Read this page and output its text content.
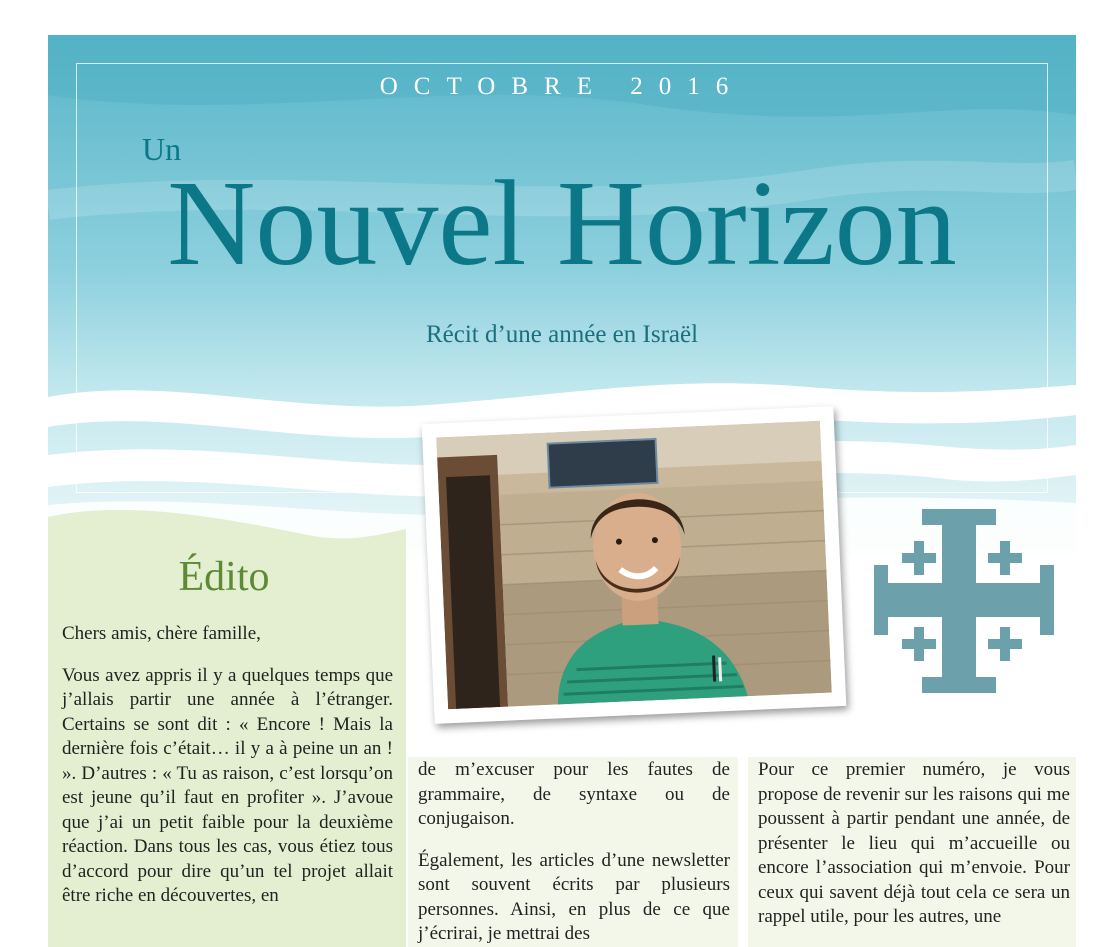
OCTOBRE 2016
Un
Nouvel Horizon
Récit d’une année en Israël
Édito

Chers amis, chère famille,

Vous avez appris il y a quelques temps que j’allais partir une année à l’étranger. Certains se sont dit : « Encore ! Mais la dernière fois c’était… il y a à peine un an ! ». D’autres : « Tu as raison, c’est lorsqu’on est jeune qu’il faut en profiter ». J’avoue que j’ai un petit faible pour la deuxième réaction. Dans tous les cas, vous étiez tous d’accord pour dire qu’un tel projet allait être riche en découvertes, en

de m’excuser pour les fautes de grammaire, de syntaxe ou de conjugaison.

Également, les articles d’une newsletter sont souvent écrits par plusieurs personnes. Ainsi, en plus de ce que j’écrirai, je mettrai des

Pour ce premier numéro, je vous propose de revenir sur les raisons qui me poussent à partir pendant une année, de présenter le lieu qui m’accueille ou encore l’association qui m’envoie. Pour ceux qui savent déjà tout cela ce sera un rappel utile, pour les autres, une
